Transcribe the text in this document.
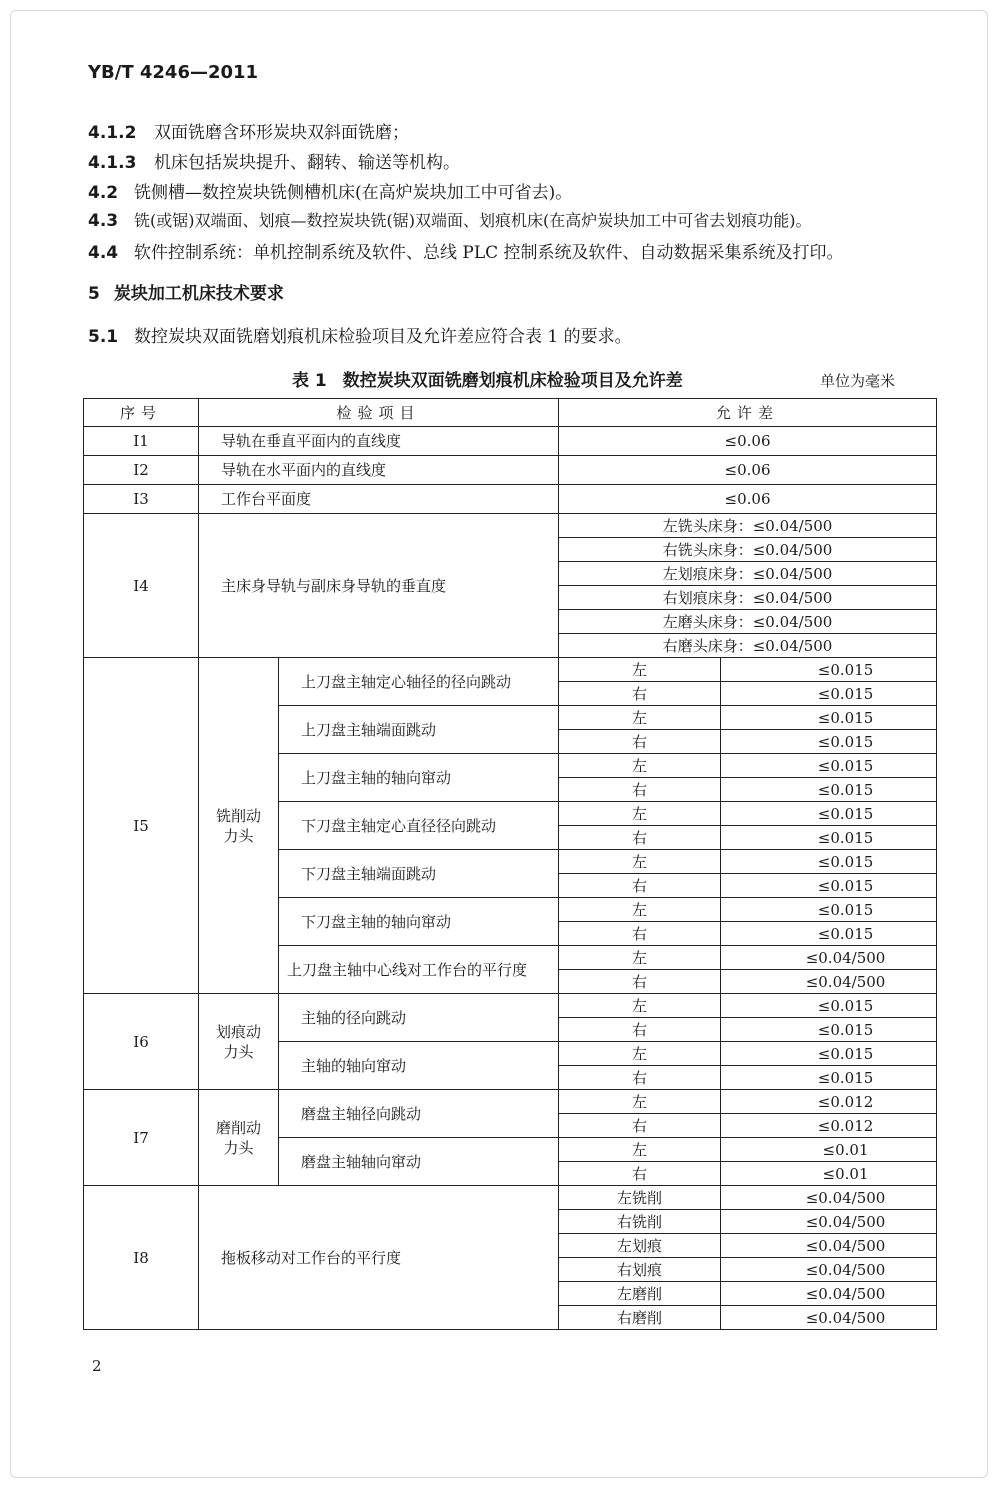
YB/T 4246—2011
4.1.2 双面铣磨含环形炭块双斜面铣磨；
4.1.3 机床包括炭块提升、翻转、输送等机构。
4.2 铣侧槽—数控炭块铣侧槽机床(在高炉炭块加工中可省去)。
4.3 铣(或锯)双端面、划痕—数控炭块铣(锯)双端面、划痕机床(在高炉炭块加工中可省去划痕功能)。
4.4 软件控制系统：单机控制系统及软件、总线 PLC 控制系统及软件、自动数据采集系统及打印。
5 炭块加工机床技术要求
5.1 数控炭块双面铣磨划痕机床检验项目及允许差应符合表 1 的要求。
表 1 数控炭块双面铣磨划痕机床检验项目及允许差	单位为毫米
序号	检验项目		允许差	
I1	导轨在垂直平面内的直线度		≤0.06	
I2	导轨在水平面内的直线度		≤0.06	
I3	工作台平面度		≤0.06	
I4	主床身导轨与副床身导轨的垂直度		左铣头床身：≤0.04/500	
			右铣头床身：≤0.04/500	
			左划痕床身：≤0.04/500	
			右划痕床身：≤0.04/500	
			左磨头床身：≤0.04/500	
			右磨头床身：≤0.04/500	
I5	铣削动力头	上刀盘主轴定心轴径的径向跳动	左	≤0.015
			右	≤0.015
		上刀盘主轴端面跳动	左	≤0.015
			右	≤0.015
		上刀盘主轴的轴向窜动	左	≤0.015
			右	≤0.015
		下刀盘主轴定心直径径向跳动	左	≤0.015
			右	≤0.015
		下刀盘主轴端面跳动	左	≤0.015
			右	≤0.015
		下刀盘主轴的轴向窜动	左	≤0.015
			右	≤0.015
		上刀盘主轴中心线对工作台的平行度	左	≤0.04/500
			右	≤0.04/500
I6	划痕动力头	主轴的径向跳动	左	≤0.015
			右	≤0.015
		主轴的轴向窜动	左	≤0.015
			右	≤0.015
I7	磨削动力头	磨盘主轴径向跳动	左	≤0.012
			右	≤0.012
		磨盘主轴轴向窜动	左	≤0.01
			右	≤0.01
I8	拖板移动对工作台的平行度		左铣削	≤0.04/500
			右铣削	≤0.04/500
			左划痕	≤0.04/500
			右划痕	≤0.04/500
			左磨削	≤0.04/500
			右磨削	≤0.04/500
2
